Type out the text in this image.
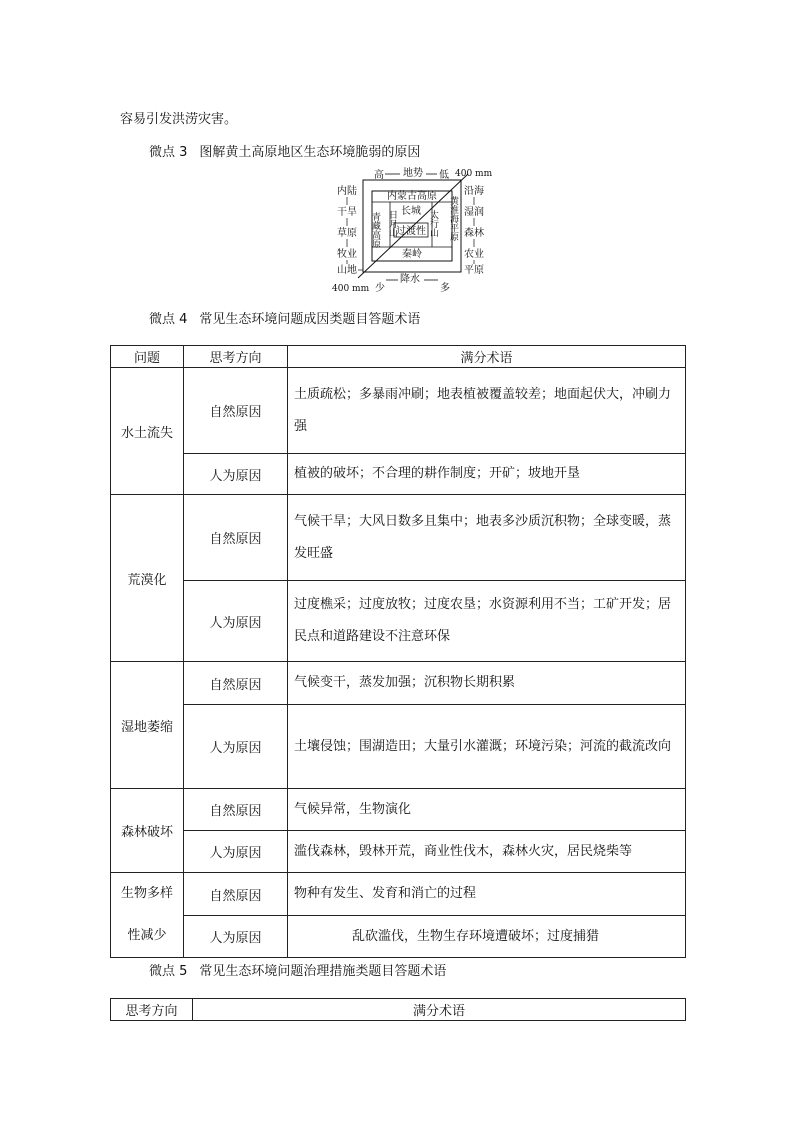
容易引发洪涝灾害。
微点 3 图解黄土高原地区生态环境脆弱的原因
高 地势 低 400 mm
内陆
干旱
草原
牧业
山地
沿海
湿润
森林
农业
平原
内蒙古高原
长城
青藏高原 日月山 过渡性 太行山 黄淮海平原
秦岭
400 mm 少
降水
多
微点 4 常见生态环境问题成因类题目答题术语
问题	思考方向	满分术语
水土流失	自然原因	土质疏松；多暴雨冲刷；地表植被覆盖较差；地面起伏大，冲刷力强
	人为原因	植被的破坏；不合理的耕作制度；开矿；坡地开垦
荒漠化	自然原因	气候干旱；大风日数多且集中；地表多沙质沉积物；全球变暖，蒸发旺盛
	人为原因	过度樵采；过度放牧；过度农垦；水资源利用不当；工矿开发；居民点和道路建设不注意环保
湿地萎缩	自然原因	气候变干，蒸发加强；沉积物长期积累
	人为原因	土壤侵蚀；围湖造田；大量引水灌溉；环境污染；河流的截流改向
森林破坏	自然原因	气候异常，生物演化
	人为原因	滥伐森林，毁林开荒，商业性伐木，森林火灾，居民烧柴等
生物多样性减少	自然原因	物种有发生、发育和消亡的过程
	人为原因	乱砍滥伐，生物生存环境遭破坏；过度捕猎
微点 5 常见生态环境问题治理措施类题目答题术语
思考方向	满分术语
